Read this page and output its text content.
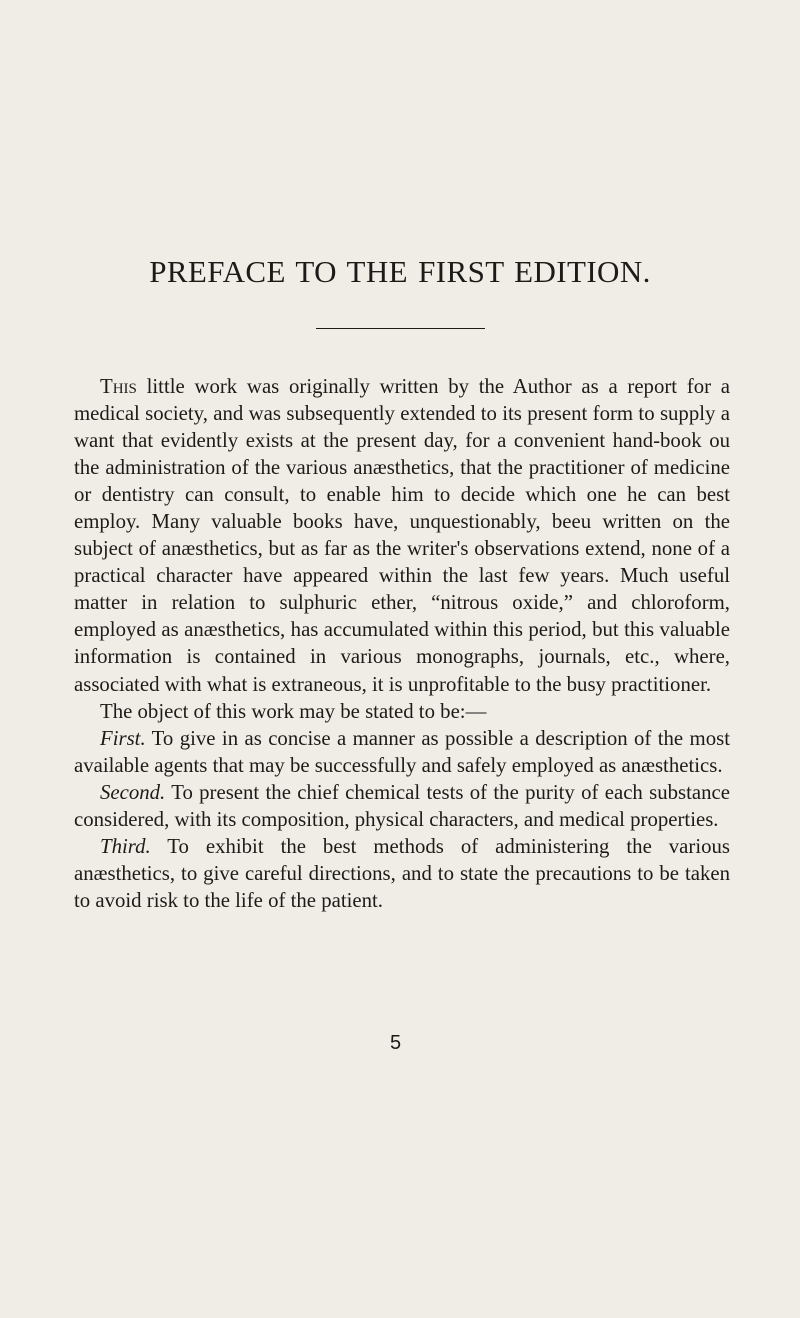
PREFACE TO THE FIRST EDITION.

This little work was originally written by the Author as a report for a medical society, and was subsequently extended to its present form to supply a want that evidently exists at the present day, for a convenient hand-book ou the administration of the various anæsthetics, that the practitioner of medicine or dentistry can consult, to enable him to decide which one he can best employ. Many valuable books have, unquestionably, beeu written on the subject of anæsthetics, but as far as the writer's observations extend, none of a practical character have appeared within the last few years. Much useful matter in relation to sulphuric ether, “nitrous oxide,” and chloroform, employed as anæsthetics, has accumulated within this period, but this valuable information is contained in various monographs, journals, etc., where, associated with what is extraneous, it is unprofitable to the busy practitioner.

The object of this work may be stated to be:—

First. To give in as concise a manner as possible a description of the most available agents that may be successfully and safely employed as anæsthetics.

Second. To present the chief chemical tests of the purity of each substance considered, with its composition, physical characters, and medical properties.

Third. To exhibit the best methods of administering the various anæsthetics, to give careful directions, and to state the precautions to be taken to avoid risk to the life of the patient.

5
